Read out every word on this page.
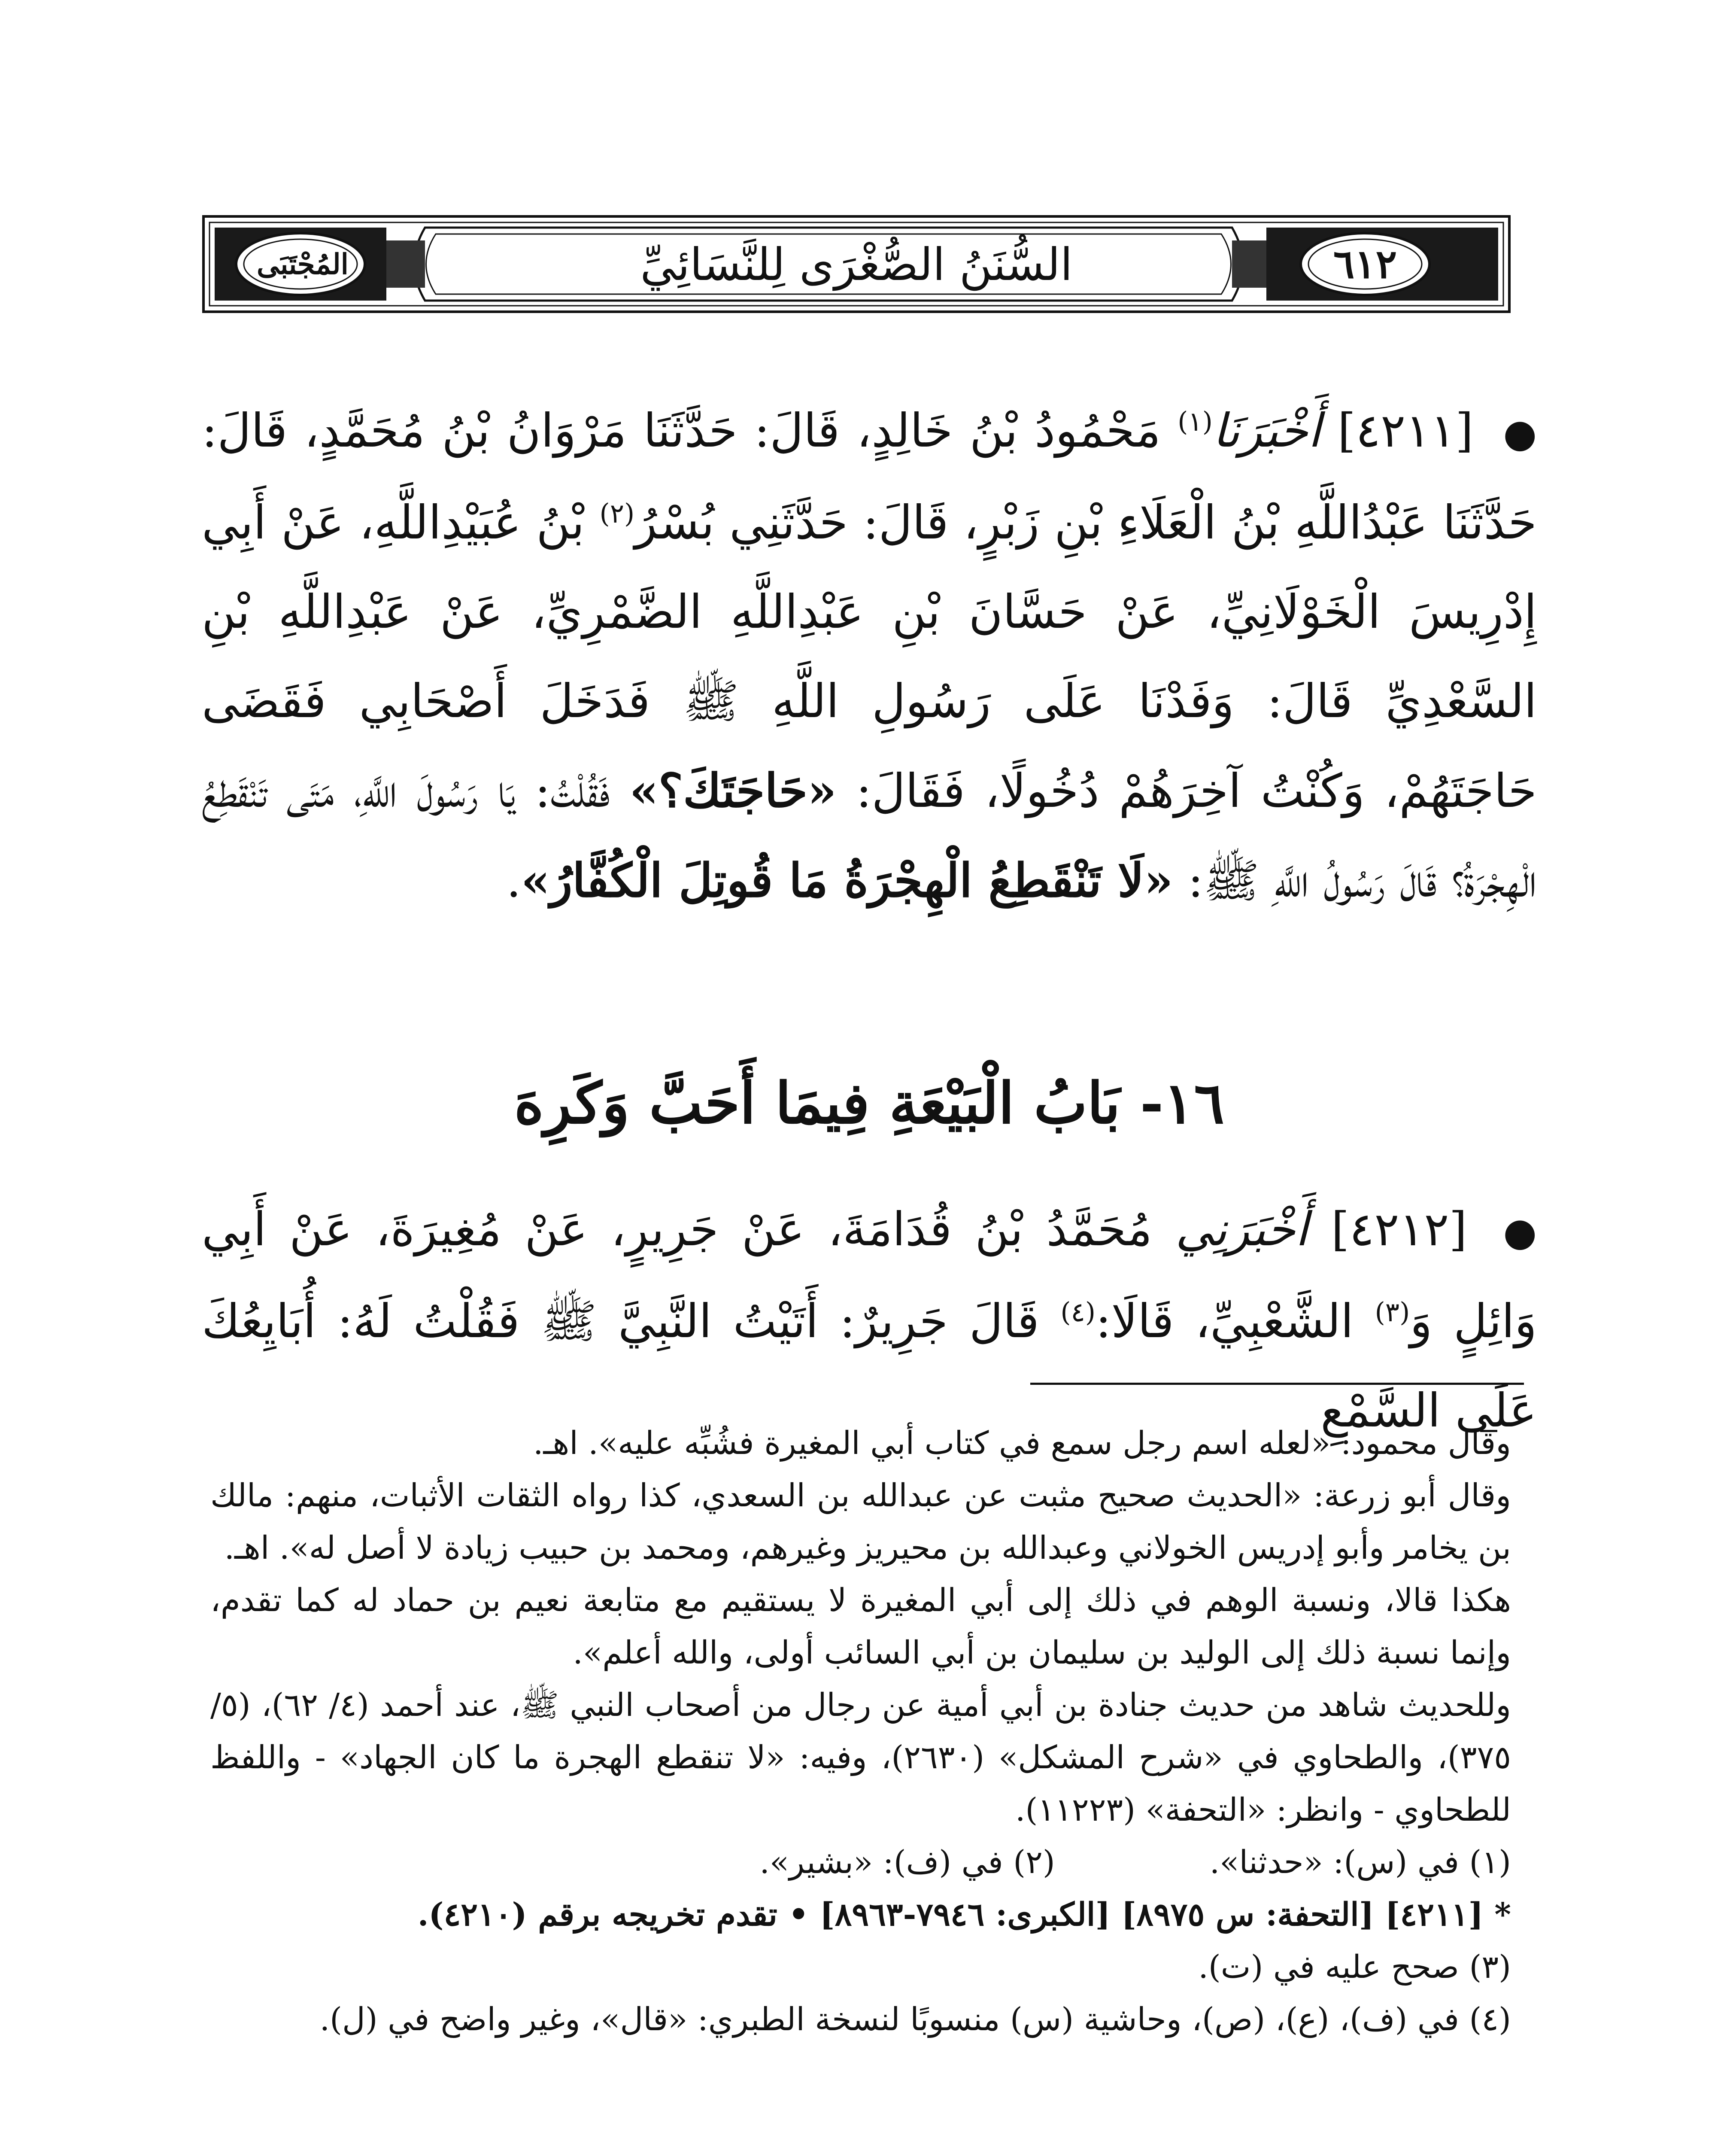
المُجْتَبَى	السُّنَنُ الصُّغْرَى لِلنَّسَائِيِّ	٦١٢
● [٤٢١١] أَخْبَرَنَا$^{(١)}$ مَحْمُودُ بْنُ خَالِدٍ، قَالَ: حَدَّثَنَا مَرْوَانُ بْنُ مُحَمَّدٍ، قَالَ: حَدَّثَنَا عَبْدُاللَّهِ بْنُ الْعَلَاءِ بْنِ زَبْرٍ، قَالَ: حَدَّثَنِي بُسْرُ$^{(٢)}$ بْنُ عُبَيْدِاللَّهِ، عَنْ أَبِي إِدْرِيسَ الْخَوْلَانِيِّ، عَنْ حَسَّانَ بْنِ عَبْدِاللَّهِ الضَّمْرِيِّ، عَنْ عَبْدِاللَّهِ بْنِ السَّعْدِيِّ قَالَ: وَفَدْنَا عَلَى رَسُولِ اللَّهِ ﷺ فَدَخَلَ أَصْحَابِي فَقَضَى حَاجَتَهُمْ، وَكُنْتُ آخِرَهُمْ دُخُولًا، فَقَالَ: «حَاجَتَكَ؟» فَقُلْتُ: يَا رَسُولَ اللَّهِ، مَتَى تَنْقَطِعُ الْهِجْرَةُ؟ قَالَ رَسُولُ اللَّهِ ﷺ: «لَا تَنْقَطِعُ الْهِجْرَةُ مَا قُوتِلَ الْكُفَّارُ».
١٦- بَابُ الْبَيْعَةِ فِيمَا أَحَبَّ وَكَرِهَ
● [٤٢١٢] أَخْبَرَنِي مُحَمَّدُ بْنُ قُدَامَةَ، عَنْ جَرِيرٍ، عَنْ مُغِيرَةَ، عَنْ أَبِي وَائِلٍ وَ$^{(٣)}$ الشَّعْبِيِّ، قَالَا:$^{(٤)}$ قَالَ جَرِيرٌ: أَتَيْتُ النَّبِيَّ ﷺ فَقُلْتُ لَهُ: أُبَايِعُكَ عَلَى السَّمْعِ

وقال محمود: «لعله اسم رجل سمع في كتاب أبي المغيرة فشُبِّه عليه». اهـ.

وقال أبو زرعة: «الحديث صحيح مثبت عن عبدالله بن السعدي، كذا رواه الثقات الأثبات، منهم: مالك بن يخامر وأبو إدريس الخولاني وعبدالله بن محيريز وغيرهم، ومحمد بن حبيب زيادة لا أصل له». اهـ.

هكذا قالا، ونسبة الوهم في ذلك إلى أبي المغيرة لا يستقيم مع متابعة نعيم بن حماد له كما تقدم، وإنما نسبة ذلك إلى الوليد بن سليمان بن أبي السائب أولى، والله أعلم».

وللحديث شاهد من حديث جنادة بن أبي أمية عن رجال من أصحاب النبي ﷺ، عند أحمد (٤/ ٦٢)، (٥/ ٣٧٥)، والطحاوي في «شرح المشكل» (٢٦٣٠)، وفيه: «لا تنقطع الهجرة ما كان الجهاد» - واللفظ للطحاوي - وانظر: «التحفة» (١١٢٢٣).

(١) في (س): «حدثنا».
(٢) في (ف): «بشير».

* [٤٢١١] [التحفة: س ٨٩٧٥] [الكبرى: ٧٩٤٦-٨٩٦٣] • تقدم تخريجه برقم (٤٢١٠).

(٣) صحح عليه في (ت).

(٤) في (ف)، (ع)، (ص)، وحاشية (س) منسوبًا لنسخة الطبري: «قال»، وغير واضح في (ل).
